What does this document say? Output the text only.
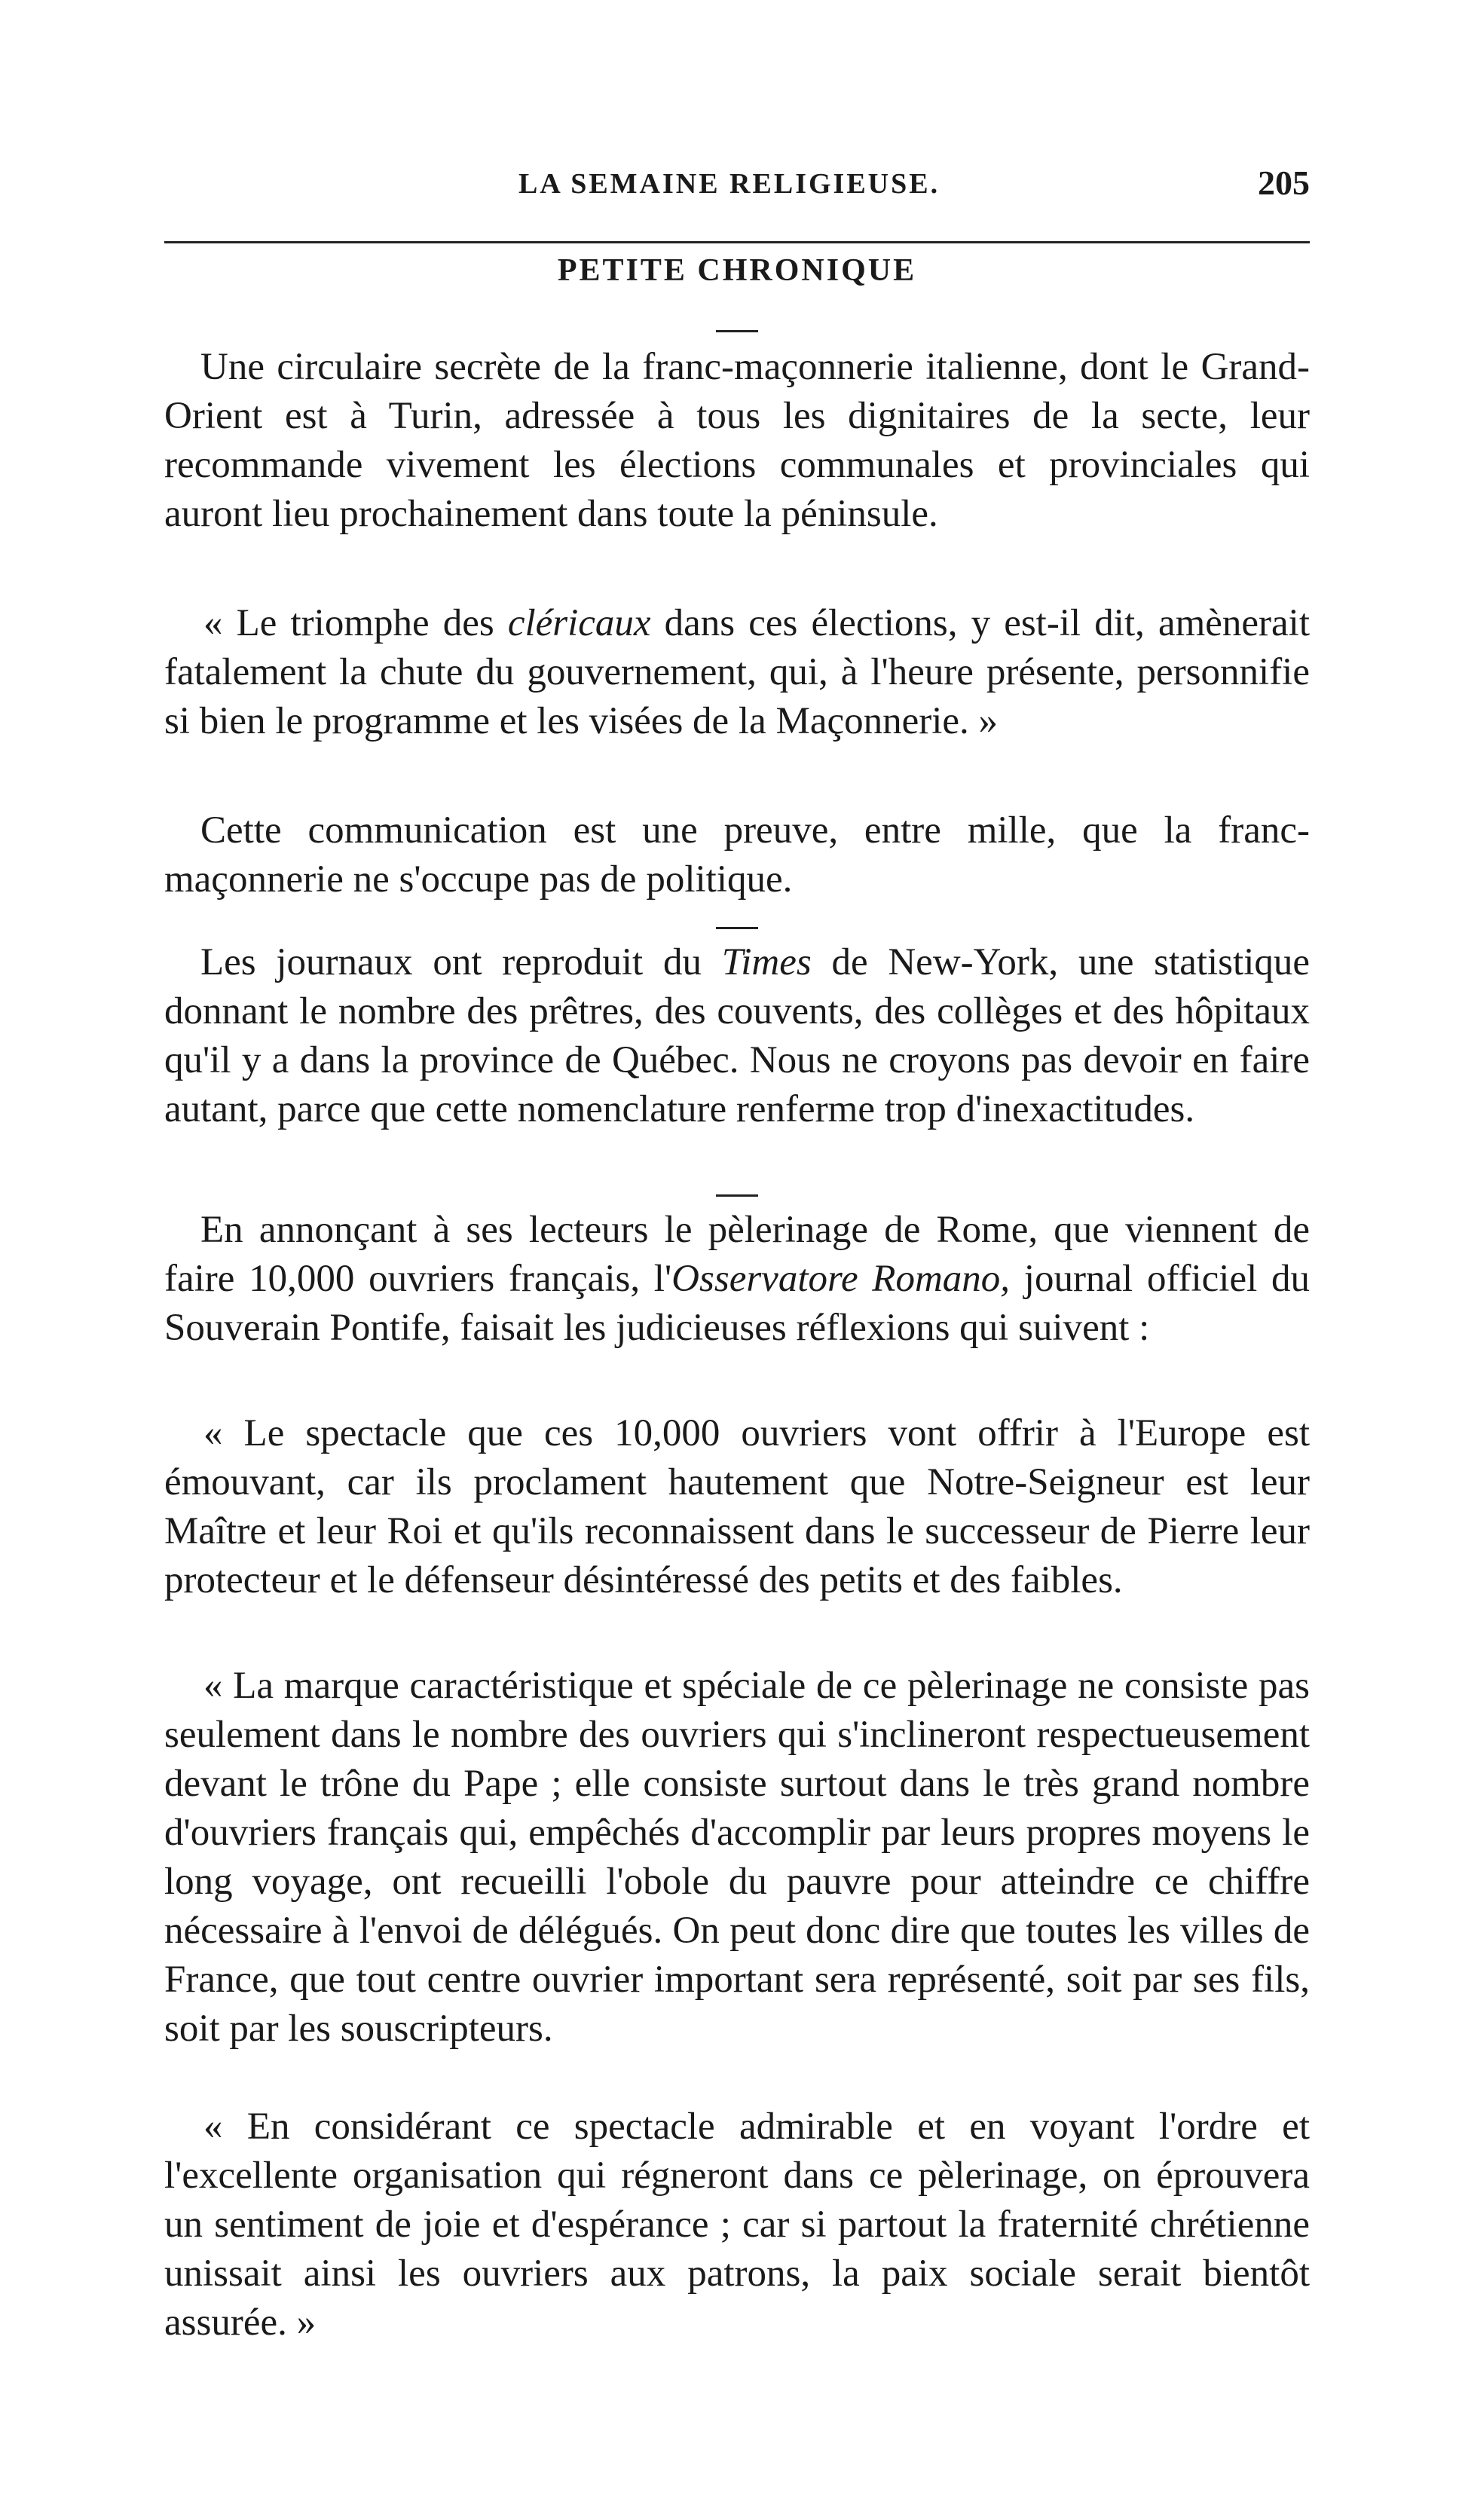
LA SEMAINE RELIGIEUSE.	205
PETITE CHRONIQUE

Une circulaire secrète de la franc-maçonnerie italienne, dont le Grand-Orient est à Turin, adressée à tous les dignitaires de la secte, leur recommande vivement les élections communales et provinciales qui auront lieu prochainement dans toute la péninsule.

« Le triomphe des cléricaux dans ces élections, y est-il dit, amènerait fatalement la chute du gouvernement, qui, à l'heure présente, personnifie si bien le programme et les visées de la Maçonnerie. »

Cette communication est une preuve, entre mille, que la franc-maçonnerie ne s'occupe pas de politique.

Les journaux ont reproduit du Times de New-York, une statistique donnant le nombre des prêtres, des couvents, des collèges et des hôpitaux qu'il y a dans la province de Québec. Nous ne croyons pas devoir en faire autant, parce que cette nomenclature renferme trop d'inexactitudes.

En annonçant à ses lecteurs le pèlerinage de Rome, que viennent de faire 10,000 ouvriers français, l'Osservatore Romano, journal officiel du Souverain Pontife, faisait les judicieuses réflexions qui suivent :

« Le spectacle que ces 10,000 ouvriers vont offrir à l'Europe est émouvant, car ils proclament hautement que Notre-Seigneur est leur Maître et leur Roi et qu'ils reconnaissent dans le successeur de Pierre leur protecteur et le défenseur désintéressé des petits et des faibles.

« La marque caractéristique et spéciale de ce pèlerinage ne consiste pas seulement dans le nombre des ouvriers qui s'inclineront respectueusement devant le trône du Pape ; elle consiste surtout dans le très grand nombre d'ouvriers français qui, empêchés d'accomplir par leurs propres moyens le long voyage, ont recueilli l'obole du pauvre pour atteindre ce chiffre nécessaire à l'envoi de délégués. On peut donc dire que toutes les villes de France, que tout centre ouvrier important sera représenté, soit par ses fils, soit par les souscripteurs.

« En considérant ce spectacle admirable et en voyant l'ordre et l'excellente organisation qui régneront dans ce pèlerinage, on éprouvera un sentiment de joie et d'espérance ; car si partout la fraternité chrétienne unissait ainsi les ouvriers aux patrons, la paix sociale serait bientôt assurée. »
